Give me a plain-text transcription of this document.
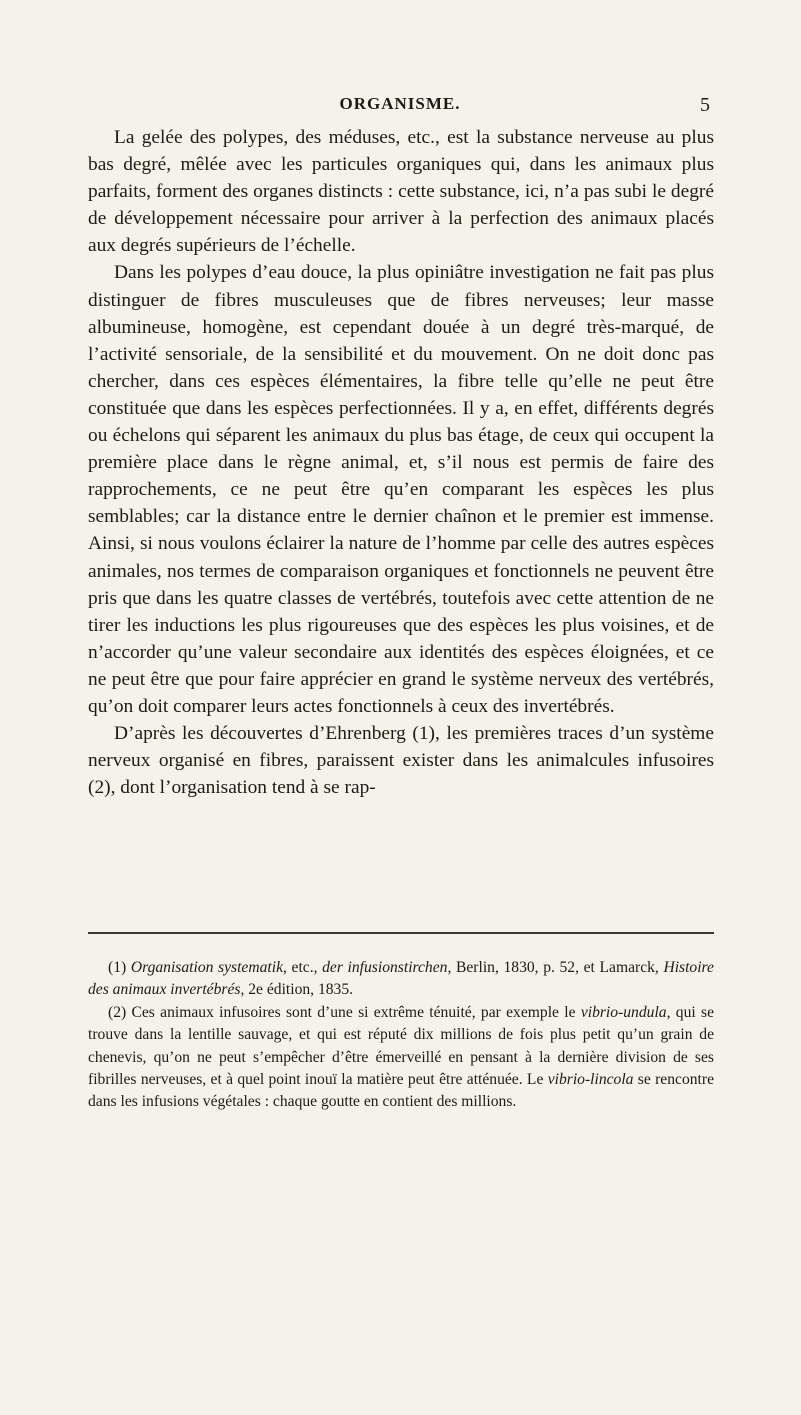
ORGANISME.	5

La gelée des polypes, des méduses, etc., est la substance nerveuse au plus bas degré, mêlée avec les particules organiques qui, dans les animaux plus parfaits, forment des organes distincts : cette substance, ici, n’a pas subi le degré de développement nécessaire pour arriver à la perfection des animaux placés aux degrés supérieurs de l’échelle.

Dans les polypes d’eau douce, la plus opiniâtre investigation ne fait pas plus distinguer de fibres musculeuses que de fibres nerveuses; leur masse albumineuse, homogène, est cependant douée à un degré très-marqué, de l’activité sensoriale, de la sensibilité et du mouvement. On ne doit donc pas chercher, dans ces espèces élémentaires, la fibre telle qu’elle ne peut être constituée que dans les espèces perfectionnées. Il y a, en effet, différents degrés ou échelons qui séparent les animaux du plus bas étage, de ceux qui occupent la première place dans le règne animal, et, s’il nous est permis de faire des rapprochements, ce ne peut être qu’en comparant les espèces les plus semblables; car la distance entre le dernier chaînon et le premier est immense. Ainsi, si nous voulons éclairer la nature de l’homme par celle des autres espèces animales, nos termes de comparaison organiques et fonctionnels ne peuvent être pris que dans les quatre classes de vertébrés, toutefois avec cette attention de ne tirer les inductions les plus rigoureuses que des espèces les plus voisines, et de n’accorder qu’une valeur secondaire aux identités des espèces éloignées, et ce ne peut être que pour faire apprécier en grand le système nerveux des vertébrés, qu’on doit comparer leurs actes fonctionnels à ceux des invertébrés.

D’après les découvertes d’Ehrenberg (1), les premières traces d’un système nerveux organisé en fibres, paraissent exister dans les animalcules infusoires (2), dont l’organisation tend à se rap-

(1) Organisation systematik, etc., der infusionstirchen, Berlin, 1830, p. 52, et Lamarck, Histoire des animaux invertébrés, 2e édition, 1835.

(2) Ces animaux infusoires sont d’une si extrême ténuité, par exemple le vibrio-undula, qui se trouve dans la lentille sauvage, et qui est réputé dix millions de fois plus petit qu’un grain de chenevis, qu’on ne peut s’empêcher d’être émerveillé en pensant à la dernière division de ses fibrilles nerveuses, et à quel point inouï la matière peut être atténuée. Le vibrio-lincola se rencontre dans les infusions végétales : chaque goutte en contient des millions.
